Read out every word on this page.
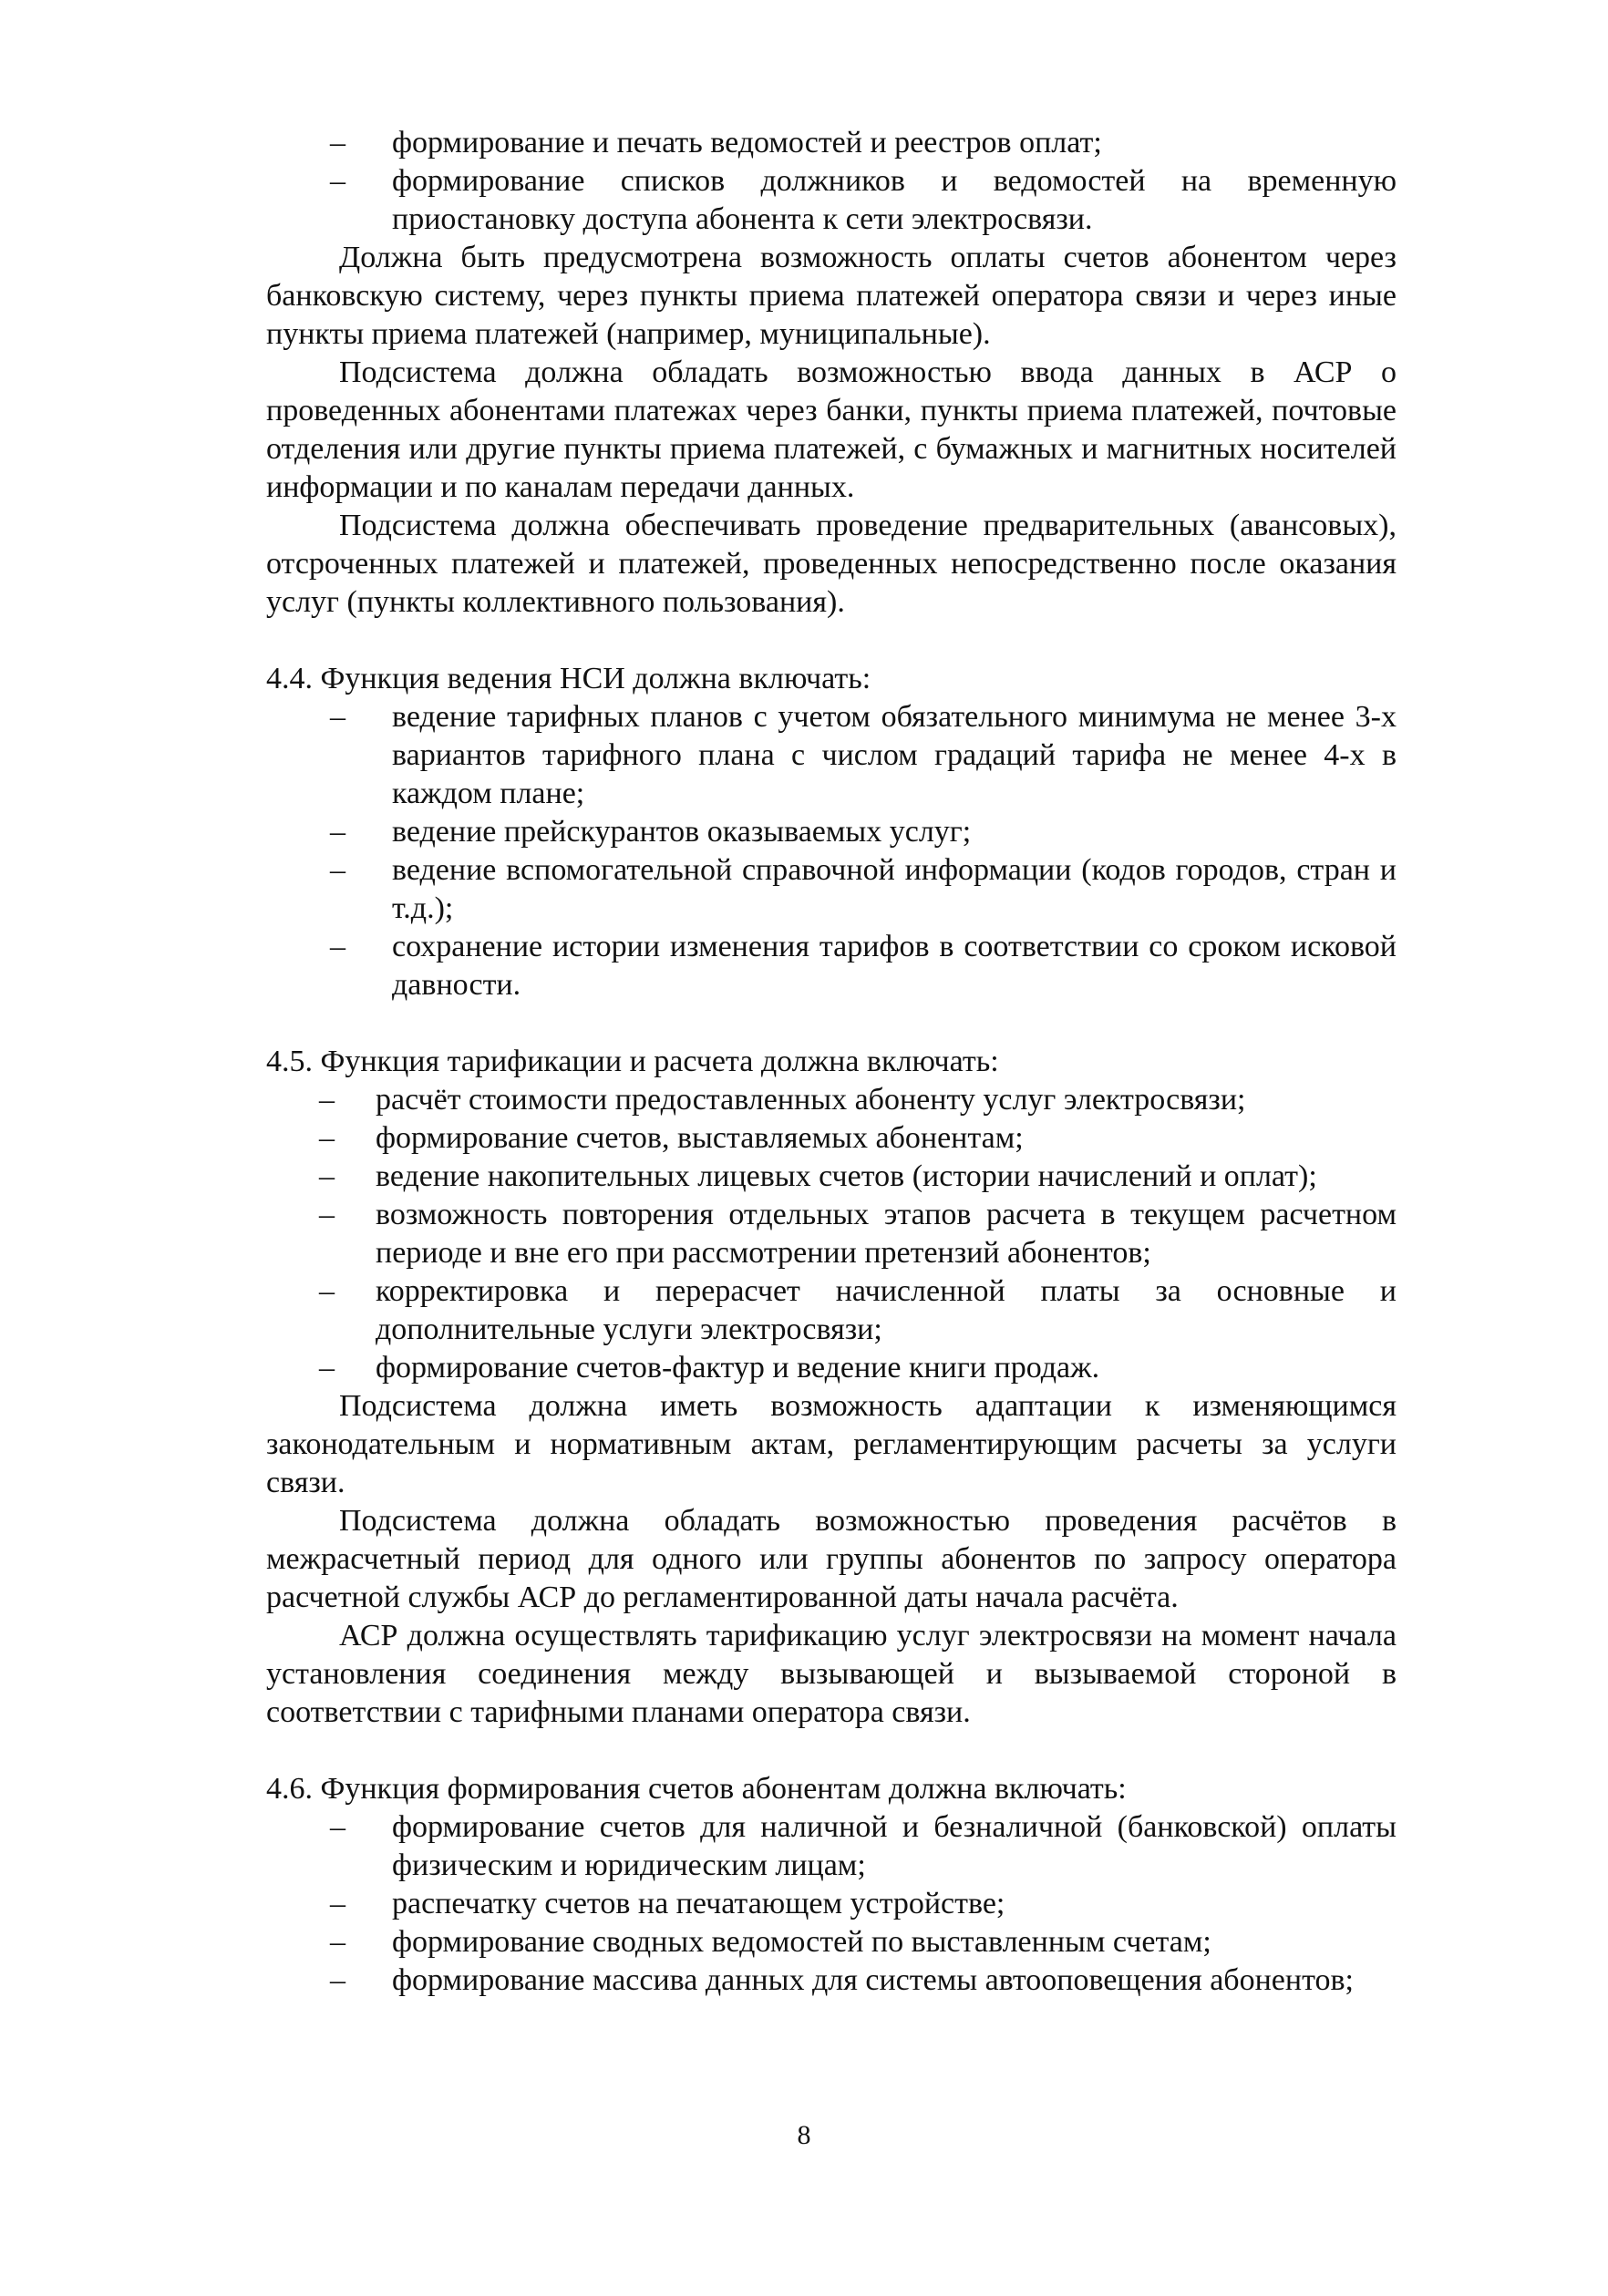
– формирование и печать ведомостей и реестров оплат;
– формирование списков должников и ведомостей на временную приостановку доступа абонента к сети электросвязи.
Должна быть предусмотрена возможность оплаты счетов абонентом через банковскую систему, через пункты приема платежей оператора связи и через иные пункты приема платежей (например, муниципальные).
Подсистема должна обладать возможностью ввода данных в АСР о проведенных абонентами платежах через банки, пункты приема платежей, почтовые отделения или другие пункты приема платежей, с бумажных и магнитных носителей информации и по каналам передачи данных.
Подсистема должна обеспечивать проведение предварительных (авансовых), отсроченных платежей и платежей, проведенных непосредственно после оказания услуг (пункты коллективного пользования).
4.4. Функция ведения НСИ должна включать:
– ведение тарифных планов с учетом обязательного минимума не менее 3-х вариантов тарифного плана с числом градаций тарифа не менее 4-х в каждом плане;
– ведение прейскурантов оказываемых услуг;
– ведение вспомогательной справочной информации (кодов городов, стран и т.д.);
– сохранение истории изменения тарифов в соответствии со сроком исковой давности.
4.5. Функция тарификации и расчета должна включать:
– расчёт стоимости предоставленных абоненту услуг электросвязи;
– формирование счетов, выставляемых абонентам;
– ведение накопительных лицевых счетов (истории начислений и оплат);
– возможность повторения отдельных этапов расчета в текущем расчетном периоде и вне его при рассмотрении претензий абонентов;
– корректировка и перерасчет начисленной платы за основные и дополнительные услуги электросвязи;
– формирование счетов-фактур и ведение книги продаж.
Подсистема должна иметь возможность адаптации к изменяющимся законодательным и нормативным актам, регламентирующим расчеты за услуги связи.
Подсистема должна обладать возможностью проведения расчётов в межрасчетный период для одного или группы абонентов по запросу оператора расчетной службы АСР до регламентированной даты начала расчёта.
АСР должна осуществлять тарификацию услуг электросвязи на момент начала установления соединения между вызывающей и вызываемой стороной в соответствии с тарифными планами оператора связи.
4.6. Функция формирования счетов абонентам должна включать:
– формирование счетов для наличной и безналичной (банковской) оплаты физическим и юридическим лицам;
– распечатку счетов на печатающем устройстве;
– формирование сводных ведомостей по выставленным счетам;
– формирование массива данных для системы автооповещения абонентов;
8
